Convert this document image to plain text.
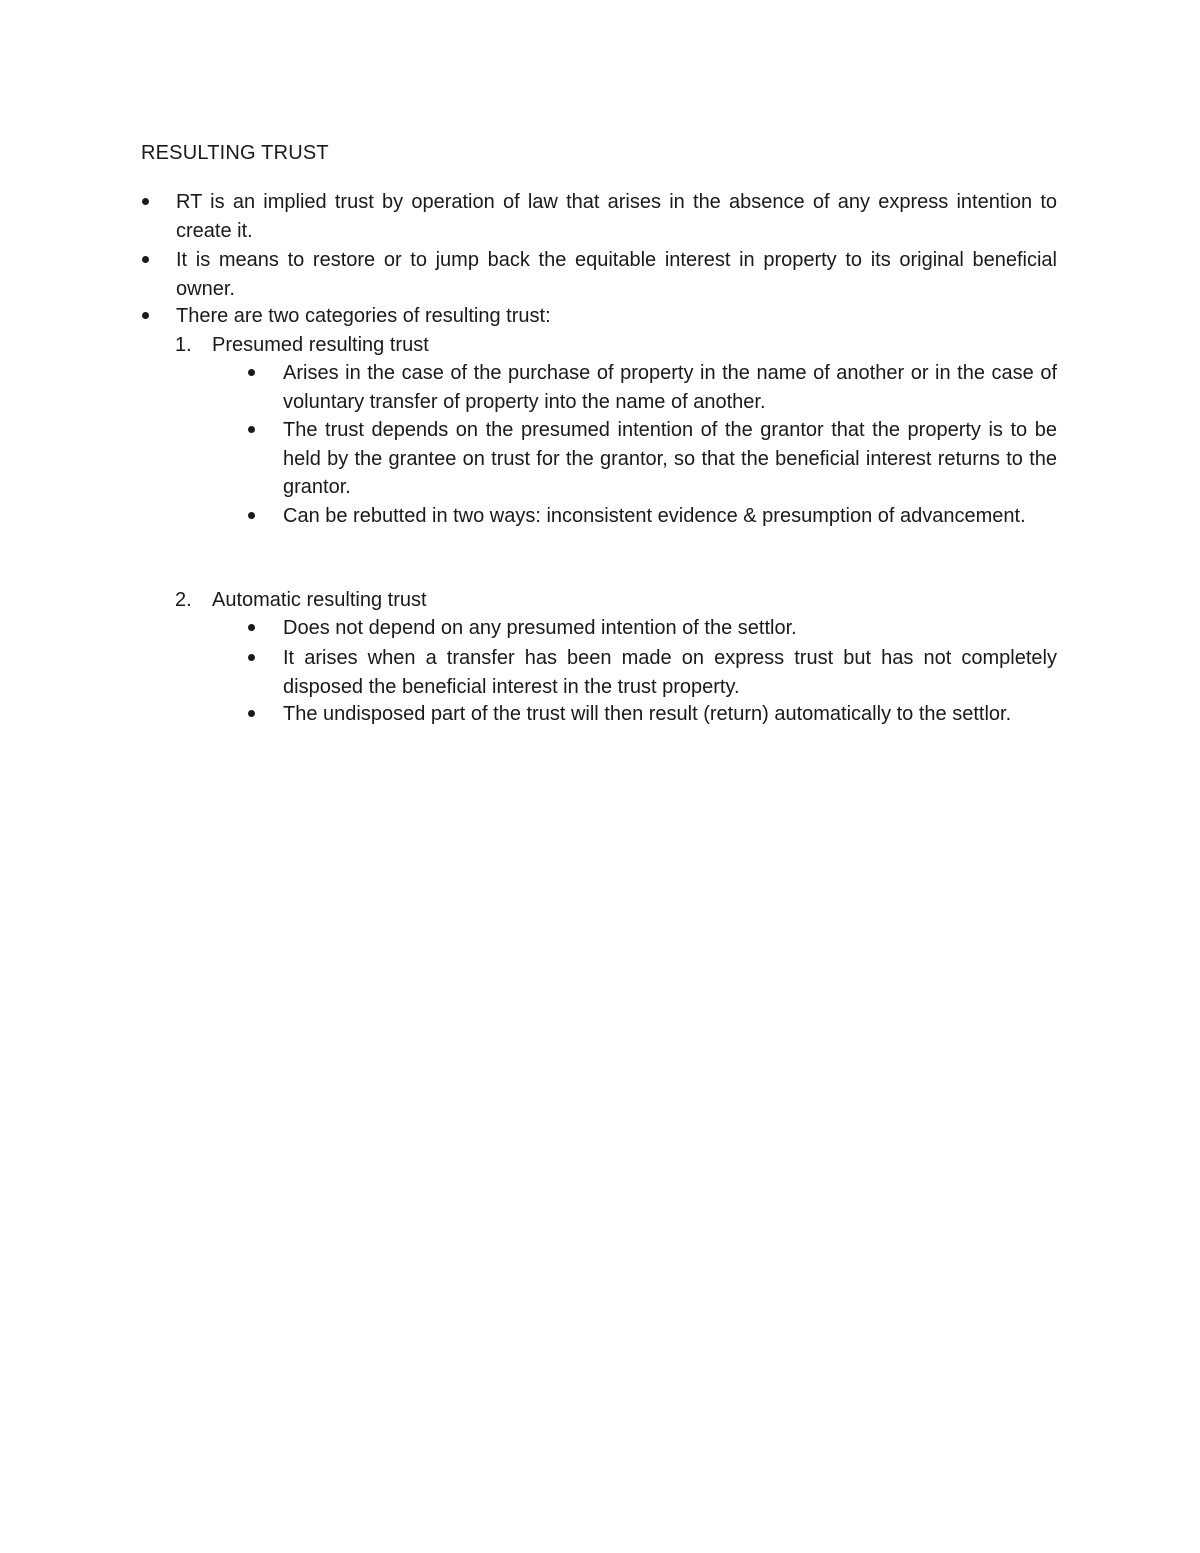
RESULTING TRUST
RT is an implied trust by operation of law that arises in the absence of any express intention to create it.
It is means to restore or to jump back the equitable interest in property to its original beneficial owner.
There are two categories of resulting trust:
1. Presumed resulting trust
Arises in the case of the purchase of property in the name of another or in the case of voluntary transfer of property into the name of another.
The trust depends on the presumed intention of the grantor that the property is to be held by the grantee on trust for the grantor, so that the beneficial interest returns to the grantor.
Can be rebutted in two ways: inconsistent evidence & presumption of advancement.
2. Automatic resulting trust
Does not depend on any presumed intention of the settlor.
It arises when a transfer has been made on express trust but has not completely disposed the beneficial interest in the trust property.
The undisposed part of the trust will then result (return) automatically to the settlor.
